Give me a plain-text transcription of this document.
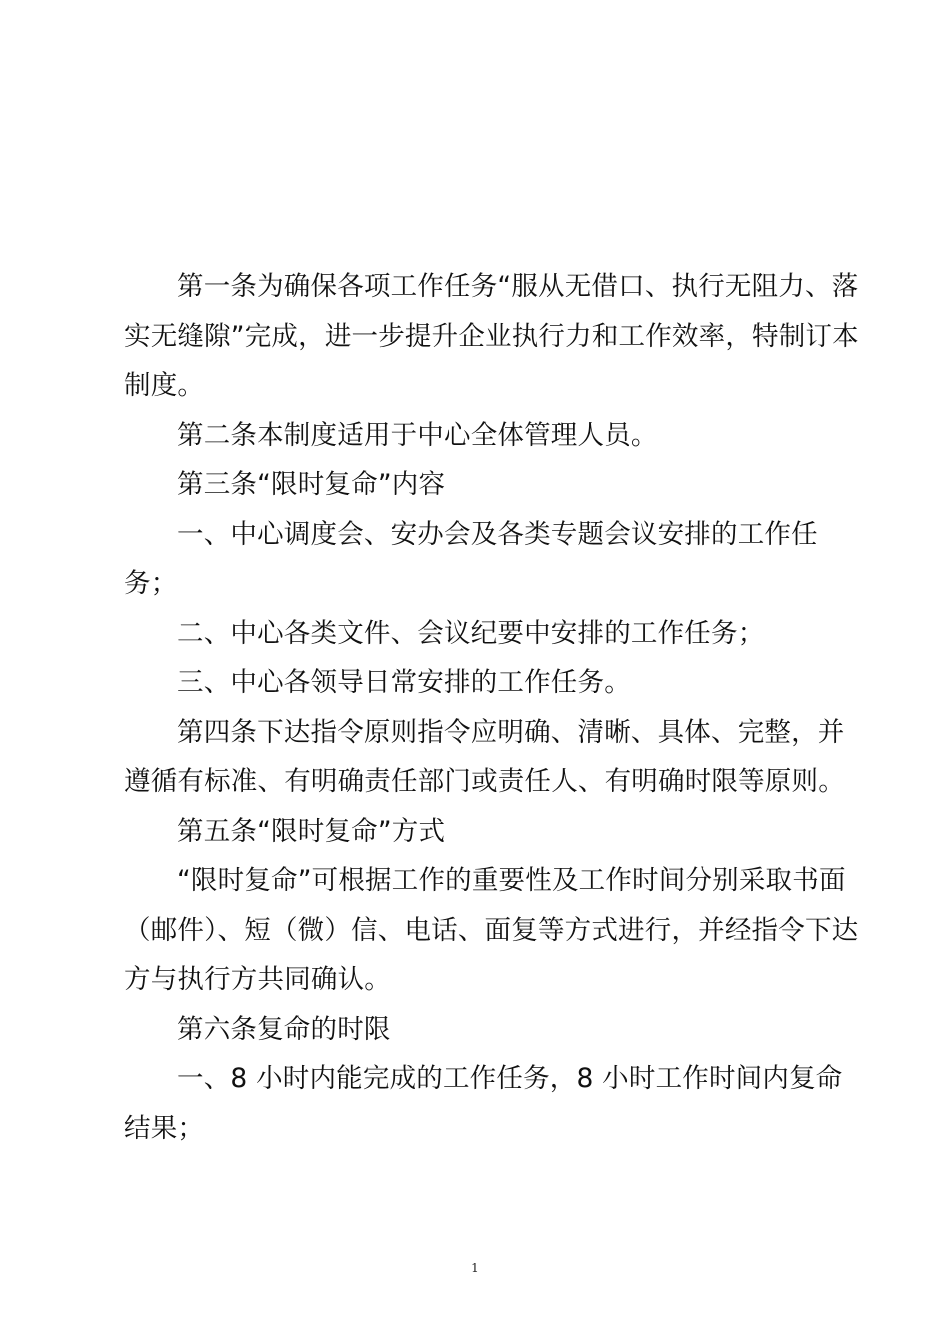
第一条为确保各项工作任务“服从无借口、执行无阻力、落实无缝隙”完成，进一步提升企业执行力和工作效率，特制订本制度。

第二条本制度适用于中心全体管理人员。

第三条“限时复命”内容

一、中心调度会、安办会及各类专题会议安排的工作任务；

二、中心各类文件、会议纪要中安排的工作任务；

三、中心各领导日常安排的工作任务。

第四条下达指令原则指令应明确、清晰、具体、完整，并遵循有标准、有明确责任部门或责任人、有明确时限等原则。

第五条“限时复命”方式

“限时复命”可根据工作的重要性及工作时间分别采取书面（邮件）、短（微）信、电话、面复等方式进行，并经指令下达方与执行方共同确认。

第六条复命的时限

一、8 小时内能完成的工作任务，8 小时工作时间内复命结果；

1
